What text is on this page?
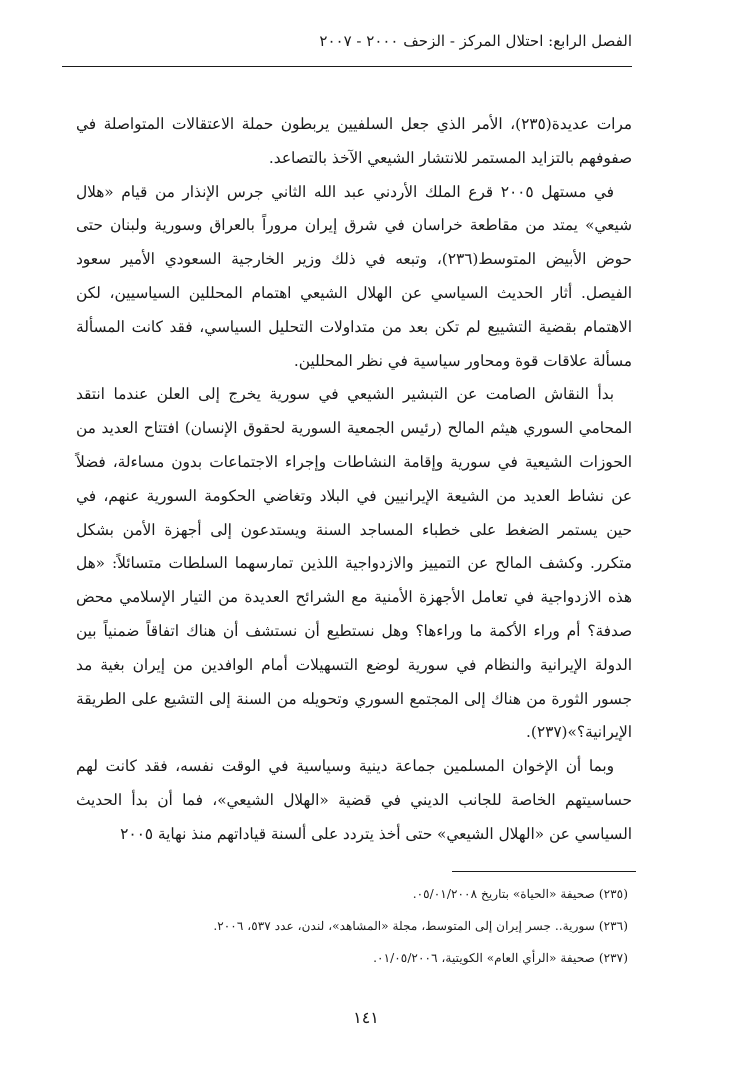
الفصل الرابع: احتلال المركز - الزحف ٢٠٠٠ - ٢٠٠٧

مرات عديدة(٢٣٥)، الأمر الذي جعل السلفيين يربطون حملة الاعتقالات المتواصلة في صفوفهم بالتزايد المستمر للانتشار الشيعي الآخذ بالتصاعد.

في مستهل ٢٠٠٥ قرع الملك الأردني عبد الله الثاني جرس الإنذار من قيام «هلال شيعي» يمتد من مقاطعة خراسان في شرق إيران مروراً بالعراق وسورية ولبنان حتى حوض الأبيض المتوسط(٢٣٦)، وتبعه في ذلك وزير الخارجية السعودي الأمير سعود الفيصل. أثار الحديث السياسي عن الهلال الشيعي اهتمام المحللين السياسيين، لكن الاهتمام بقضية التشييع لم تكن بعد من متداولات التحليل السياسي، فقد كانت المسألة مسألة علاقات قوة ومحاور سياسية في نظر المحللين.

بدأ النقاش الصامت عن التبشير الشيعي في سورية يخرج إلى العلن عندما انتقد المحامي السوري هيثم المالح (رئيس الجمعية السورية لحقوق الإنسان) افتتاح العديد من الحوزات الشيعية في سورية وإقامة النشاطات وإجراء الاجتماعات بدون مساءلة، فضلاً عن نشاط العديد من الشيعة الإيرانيين في البلاد وتغاضي الحكومة السورية عنهم، في حين يستمر الضغط على خطباء المساجد السنة ويستدعون إلى أجهزة الأمن بشكل متكرر. وكشف المالح عن التمييز والازدواجية اللذين تمارسهما السلطات متسائلاً: «هل هذه الازدواجية في تعامل الأجهزة الأمنية مع الشرائح العديدة من التيار الإسلامي محض صدفة؟ أم وراء الأكمة ما وراءها؟ وهل نستطيع أن نستشف أن هناك اتفاقاً ضمنياً بين الدولة الإيرانية والنظام في سورية لوضع التسهيلات أمام الوافدين من إيران بغية مد جسور الثورة من هناك إلى المجتمع السوري وتحويله من السنة إلى التشيع على الطريقة الإيرانية؟»(٢٣٧).

وبما أن الإخوان المسلمين جماعة دينية وسياسية في الوقت نفسه، فقد كانت لهم حساسيتهم الخاصة للجانب الديني في قضية «الهلال الشيعي»، فما أن بدأ الحديث السياسي عن «الهلال الشيعي» حتى أخذ يتردد على ألسنة قياداتهم منذ نهاية ٢٠٠٥

(٢٣٥) صحيفة «الحياة» بتاريخ ٠٥/٠١/٢٠٠٨.
(٢٣٦) سورية.. جسر إيران إلى المتوسط، مجلة «المشاهد»، لندن، عدد ٥٣٧، ٢٠٠٦.
(٢٣٧) صحيفة «الرأي العام» الكويتية، ٠١/٠٥/٢٠٠٦.
١٤١
